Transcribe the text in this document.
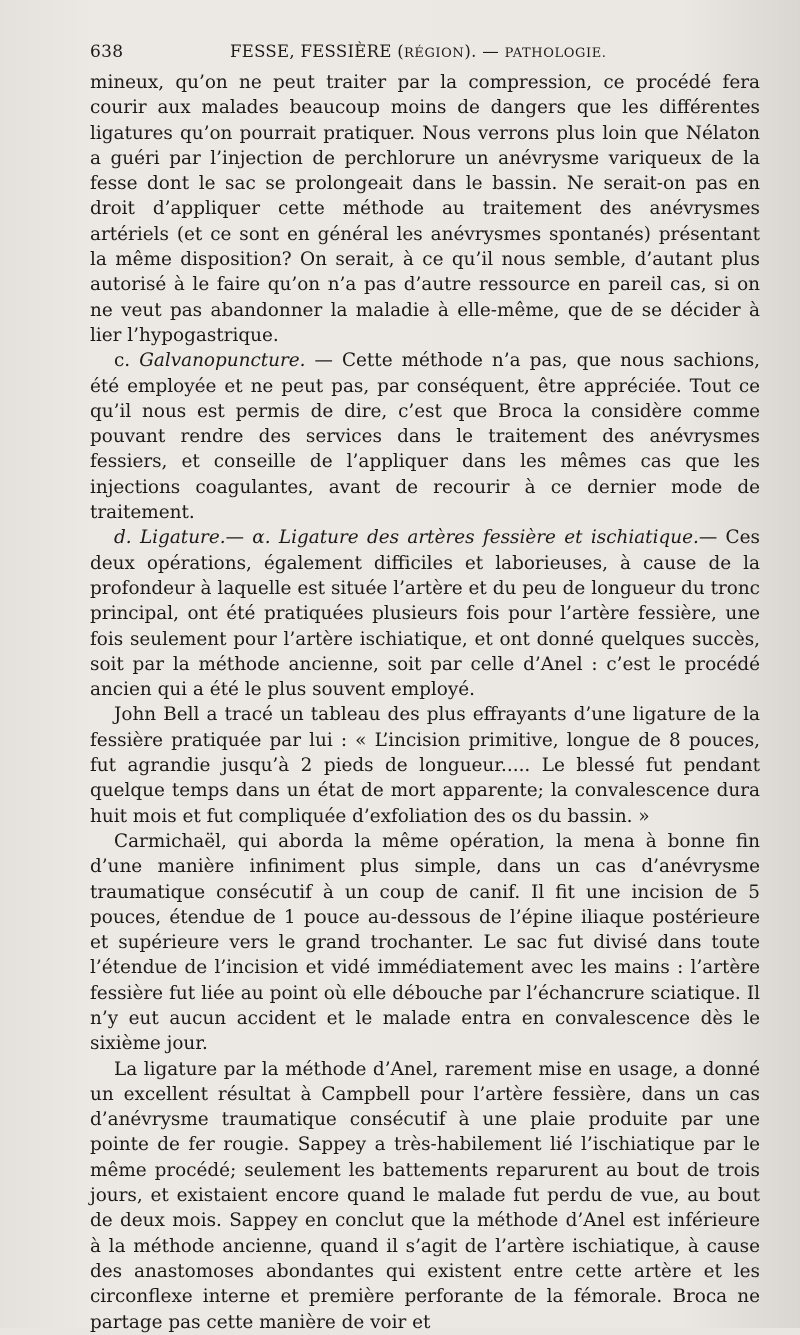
638	FESSE, FESSIÈRE (RÉGION). — PATHOLOGIE.

mineux, qu’on ne peut traiter par la compression, ce procédé fera courir aux malades beaucoup moins de dangers que les différentes ligatures qu’on pourrait pratiquer. Nous verrons plus loin que Nélaton a guéri par l’injection de perchlorure un anévrysme variqueux de la fesse dont le sac se prolongeait dans le bassin. Ne serait-on pas en droit d’appliquer cette méthode au traitement des anévrysmes artériels (et ce sont en général les anévrysmes spontanés) présentant la même disposition? On serait, à ce qu’il nous semble, d’autant plus autorisé à le faire qu’on n’a pas d’autre ressource en pareil cas, si on ne veut pas abandonner la maladie à elle-même, que de se décider à lier l’hypogastrique.

c. Galvanopuncture. — Cette méthode n’a pas, que nous sachions, été employée et ne peut pas, par conséquent, être appréciée. Tout ce qu’il nous est permis de dire, c’est que Broca la considère comme pouvant rendre des services dans le traitement des anévrysmes fessiers, et conseille de l’appliquer dans les mêmes cas que les injections coagulantes, avant de recourir à ce dernier mode de traitement.

d. Ligature.— α. Ligature des artères fessière et ischiatique.— Ces deux opérations, également difficiles et laborieuses, à cause de la profondeur à laquelle est située l’artère et du peu de longueur du tronc principal, ont été pratiquées plusieurs fois pour l’artère fessière, une fois seulement pour l’artère ischiatique, et ont donné quelques succès, soit par la méthode ancienne, soit par celle d’Anel : c’est le procédé ancien qui a été le plus souvent employé.

John Bell a tracé un tableau des plus effrayants d’une ligature de la fessière pratiquée par lui : « L’incision primitive, longue de 8 pouces, fut agrandie jusqu’à 2 pieds de longueur..... Le blessé fut pendant quelque temps dans un état de mort apparente; la convalescence dura huit mois et fut compliquée d’exfoliation des os du bassin. »

Carmichaël, qui aborda la même opération, la mena à bonne fin d’une manière infiniment plus simple, dans un cas d’anévrysme traumatique consécutif à un coup de canif. Il fit une incision de 5 pouces, étendue de 1 pouce au-dessous de l’épine iliaque postérieure et supérieure vers le grand trochanter. Le sac fut divisé dans toute l’étendue de l’incision et vidé immédiatement avec les mains : l’artère fessière fut liée au point où elle débouche par l’échancrure sciatique. Il n’y eut aucun accident et le malade entra en convalescence dès le sixième jour.

La ligature par la méthode d’Anel, rarement mise en usage, a donné un excellent résultat à Campbell pour l’artère fessière, dans un cas d’anévrysme traumatique consécutif à une plaie produite par une pointe de fer rougie. Sappey a très-habilement lié l’ischiatique par le même procédé; seulement les battements reparurent au bout de trois jours, et existaient encore quand le malade fut perdu de vue, au bout de deux mois. Sappey en conclut que la méthode d’Anel est inférieure à la méthode ancienne, quand il s’agit de l’artère ischiatique, à cause des anastomoses abondantes qui existent entre cette artère et les circonflexe interne et première perforante de la fémorale. Broca ne partage pas cette manière de voir et
